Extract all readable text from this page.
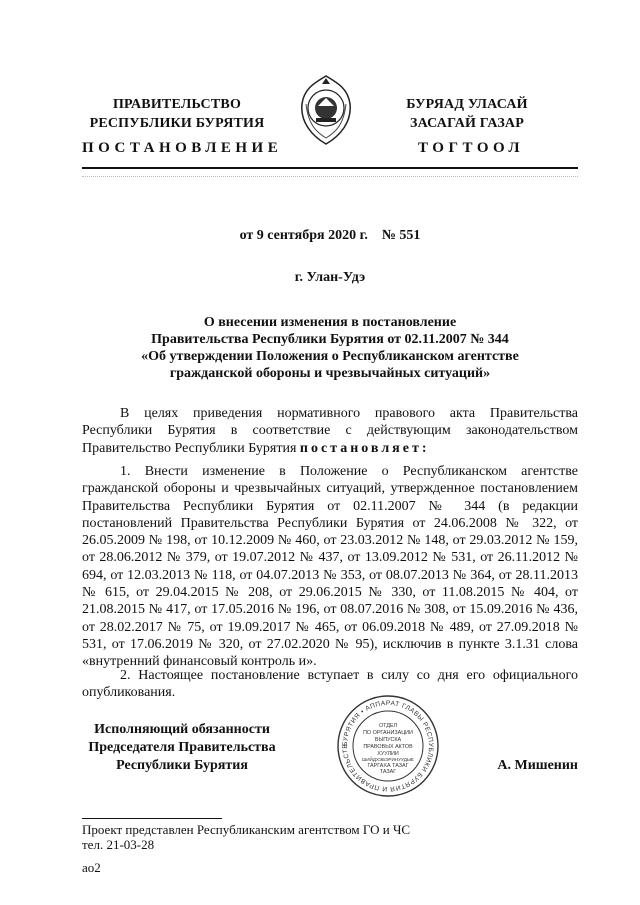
ПРАВИТЕЛЬСТВО
РЕСПУБЛИКИ БУРЯТИЯ
БУРЯАД УЛАСАЙ
ЗАСАГАЙ ГАЗАР
ПОСТАНОВЛЕНИЕ	ТОГТООЛ
от 9 сентября 2020 г.    № 551
г. Улан-Удэ
О внесении изменения в постановление
Правительства Республики Бурятия от 02.11.2007 № 344
«Об утверждении Положения о Республиканском агентстве
гражданской обороны и чрезвычайных ситуаций»
В целях приведения нормативного правового акта Правительства Республики Бурятия в соответствие с действующим законодательством Правительство Республики Бурятия постановляет:
1. Внести изменение в Положение о Республиканском агентстве гражданской обороны и чрезвычайных ситуаций, утвержденное постановлением Правительства Республики Бурятия от 02.11.2007 № 344 (в редакции постановлений Правительства Республики Бурятия от 24.06.2008 № 322, от 26.05.2009 № 198, от 10.12.2009 № 460, от 23.03.2012 № 148, от 29.03.2012 № 159, от 28.06.2012 № 379, от 19.07.2012 № 437, от 13.09.2012 № 531, от 26.11.2012 № 694, от 12.03.2013 № 118, от 04.07.2013 № 353, от 08.07.2013 № 364, от 28.11.2013 № 615, от 29.04.2015 № 208, от 29.06.2015 № 330, от 11.08.2015 № 404, от 21.08.2015 № 417, от 17.05.2016 № 196, от 08.07.2016 № 308, от 15.09.2016 № 436, от 28.02.2017 № 75, от 19.09.2017 № 465, от 06.09.2018 № 489, от 27.09.2018 № 531, от 17.06.2019 № 320, от 27.02.2020 № 95), исключив в пункте 3.1.31 слова «внутренний финансовый контроль и».
2. Настоящее постановление вступает в силу со дня его официального опубликования.
Исполняющий обязанности
Председателя Правительства
Республики Бурятия
БУРЯТИЯ • АППАРАТ ГЛАВЫ РЕСПУБЛИКИ БУРЯТИЯ И ПРАВИТЕЛЬСТВ
ОТДЕЛ
ПО ОРГАНИЗАЦИИ
ВЫПУСКА
ПРАВОВЫХ АКТОВ
ХУУЛИИ
ШИЙДХЭБЭРИНУУДЫЕ
ГАРГАХА ТАЗАГ
ТАЗАГ	А. Мишенин
Проект представлен Республиканским агентством ГО и ЧС
тел. 21-03-28
ао2
